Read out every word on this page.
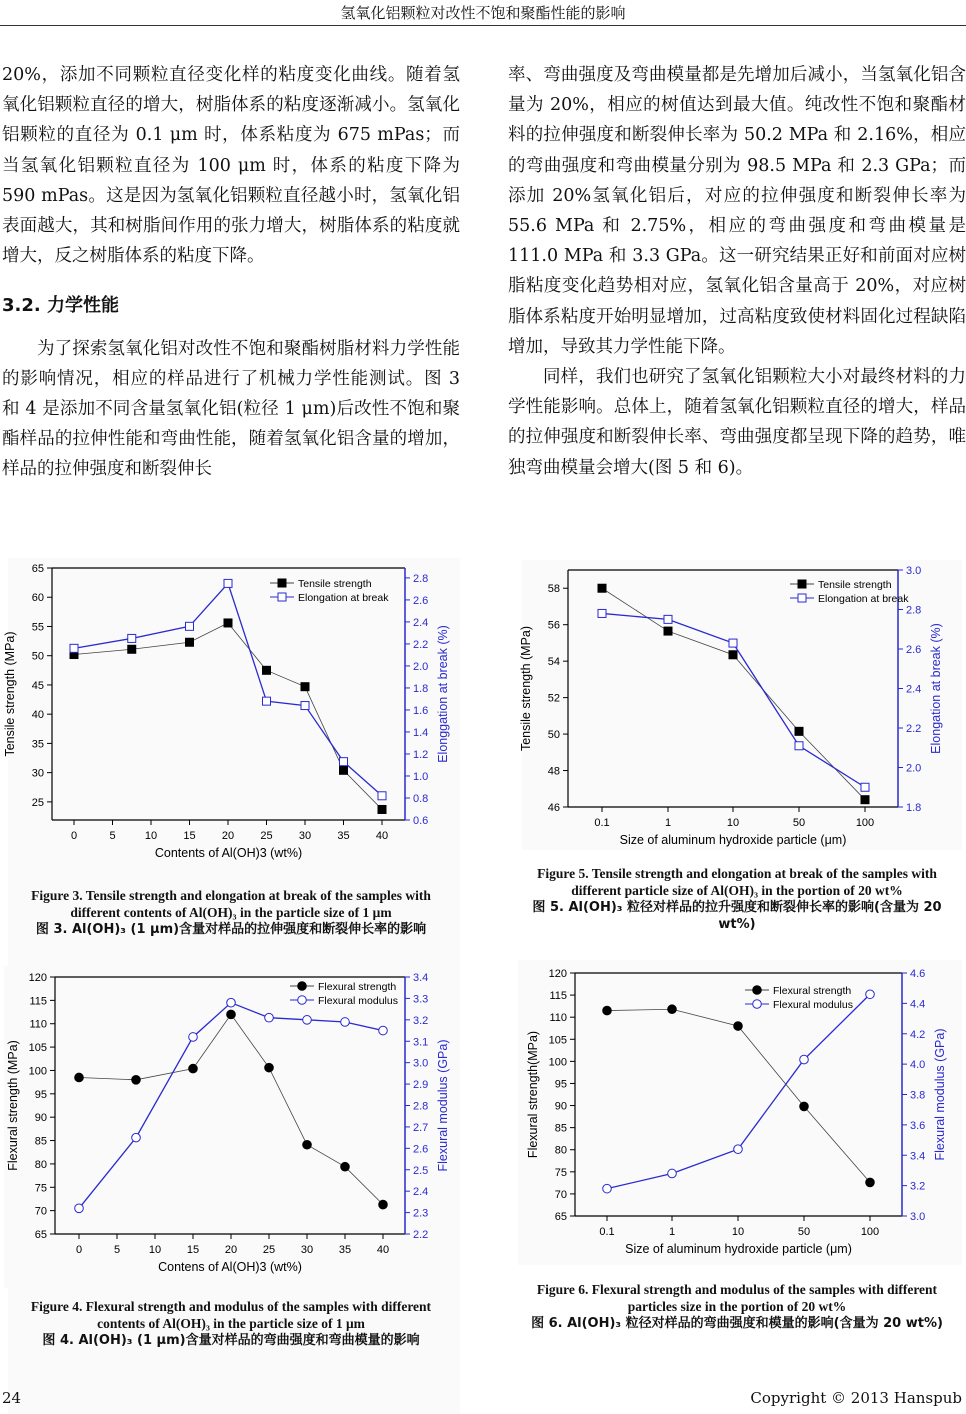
氢氧化铝颗粒对改性不饱和聚酯性能的影响

20%，添加不同颗粒直径变化样的粘度变化曲线。随着氢氧化铝颗粒直径的增大，树脂体系的粘度逐渐减小。氢氧化铝颗粒的直径为 0.1 μm 时，体系粘度为 675 mPas；而当氢氧化铝颗粒直径为 100 μm 时，体系的粘度下降为 590 mPas。这是因为氢氧化铝颗粒直径越小时，氢氧化铝表面越大，其和树脂间作用的张力增大，树脂体系的粘度就增大，反之树脂体系的粘度下降。

3.2. 力学性能

为了探索氢氧化铝对改性不饱和聚酯树脂材料力学性能的影响情况，相应的样品进行了机械力学性能测试。图 3 和 4 是添加不同含量氢氧化铝(粒径 1 μm)后改性不饱和聚酯样品的拉伸性能和弯曲性能，随着氢氧化铝含量的增加，样品的拉伸强度和断裂伸长

率、弯曲强度及弯曲模量都是先增加后减小，当氢氧化铝含量为 20%，相应的树值达到最大值。纯改性不饱和聚酯材料的拉伸强度和断裂伸长率为 50.2 MPa 和 2.16%，相应的弯曲强度和弯曲模量分别为 98.5 MPa 和 2.3 GPa；而添加 20%氢氧化铝后，对应的拉伸强度和断裂伸长率为 55.6 MPa 和 2.75%，相应的弯曲强度和弯曲模量是 111.0 MPa 和 3.3 GPa。这一研究结果正好和前面对应树脂粘度变化趋势相对应，氢氧化铝含量高于 20%，对应树脂体系粘度开始明显增加，过高粘度致使材料固化过程缺陷增加，导致其力学性能下降。

同样，我们也研究了氢氧化铝颗粒大小对最终材料的力学性能影响。总体上，随着氢氧化铝颗粒直径的增大，样品的拉伸强度和断裂伸长率、弯曲强度都呈现下降的趋势，唯独弯曲模量会增大(图 5 和 6)。

25
30
35
40
45
50
55
60
65
0.6
0.8
1.0
1.2
1.4
1.6
1.8
2.0
2.2
2.4
2.6
2.8
0	5	10 15 20 25 30 35 40
Contents of Al(OH)3 (wt%)
Tensile strength (MPa)	Elonggation at break (%)
Tensile strength
Elongation at break
46
48
50
52
54
56
58
1.8
2.0
2.2
2.4
2.6
2.8
3.0
0.1	1	10	50	100
Size of aluminum hydroxide particle (μm)
Tensile strength (MPa)	Elongation at break (%)
Tensile strength
Elongation at break
65
70
75
80
85
90
95
100
105
110
115
120
2.2
2.3
2.4
2.5
2.6
2.7
2.8
2.9
3.0
3.1
3.2
3.3
3.4
0	5	10 15 20 25 30 35 40
Contens of Al(OH)3 (wt%)
Flexural strength (MPa)	Flexural modulus (GPa)
Flexural strength
Flexural modulus
65
70
75
80
85
90
95
100
105
110
115
120
3.0
3.2
3.4
3.6
3.8
4.0
4.2
4.4
4.6
0.1	1	10	50	100
Size of aluminum hydroxide particle (μm)
Flexural strength(MPa)	Flexural modulus (GPa)
Flexural strength
Flexural modulus
Figure 3. Tensile strength and elongation at break of the samples with different contents of Al(OH)₃ in the particle size of 1 μm
图 3. Al(OH)₃ (1 μm)含量对样品的拉伸强度和断裂伸长率的影响
Figure 5. Tensile strength and elongation at break of the samples with different particle size of Al(OH)₃ in the portion of 20 wt%
图 5. Al(OH)₃ 粒径对样品的拉升强度和断裂伸长率的影响(含量为 20 wt%)
Figure 4. Flexural strength and modulus of the samples with different contents of Al(OH)₃ in the particle size of 1 μm
图 4. Al(OH)₃ (1 μm)含量对样品的弯曲强度和弯曲模量的影响
Figure 6. Flexural strength and modulus of the samples with different particles size in the portion of 20 wt%
图 6. Al(OH)₃ 粒径对样品的弯曲强度和模量的影响(含量为 20 wt%)
24	Copyright © 2013 Hanspub
